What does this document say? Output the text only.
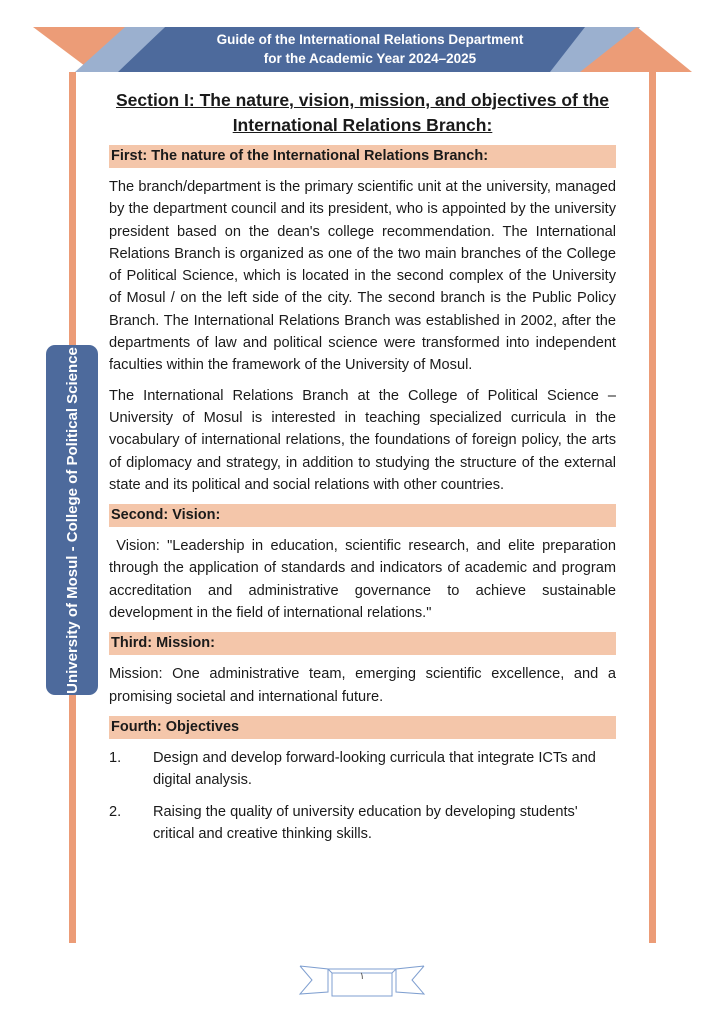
Guide of the International Relations Department
for the Academic Year 2024–2025
University of Mosul - College of Political Science
Section I: The nature, vision, mission, and objectives of the International Relations Branch:
First: The nature of the International Relations Branch:

The branch/department is the primary scientific unit at the university, managed by the department council and its president, who is appointed by the university president based on the dean's college recommendation. The International Relations Branch is organized as one of the two main branches of the College of Political Science, which is located in the second complex of the University of Mosul / on the left side of the city. The second branch is the Public Policy Branch. The International Relations Branch was established in 2002, after the departments of law and political science were transformed into independent faculties within the framework of the University of Mosul.

The International Relations Branch at the College of Political Science – University of Mosul is interested in teaching specialized curricula in the vocabulary of international relations, the foundations of foreign policy, the arts of diplomacy and strategy, in addition to studying the structure of the external state and its political and social relations with other countries.

Second: Vision:

Vision: "Leadership in education, scientific research, and elite preparation through the application of standards and indicators of academic and program accreditation and administrative governance to achieve sustainable development in the field of international relations."

Third: Mission:

Mission: One administrative team, emerging scientific excellence, and a promising societal and international future.

Fourth: Objectives
1.	Design and develop forward-looking curricula that integrate ICTs and digital analysis.
2.	Raising the quality of university education by developing students' critical and creative thinking skills.
١
